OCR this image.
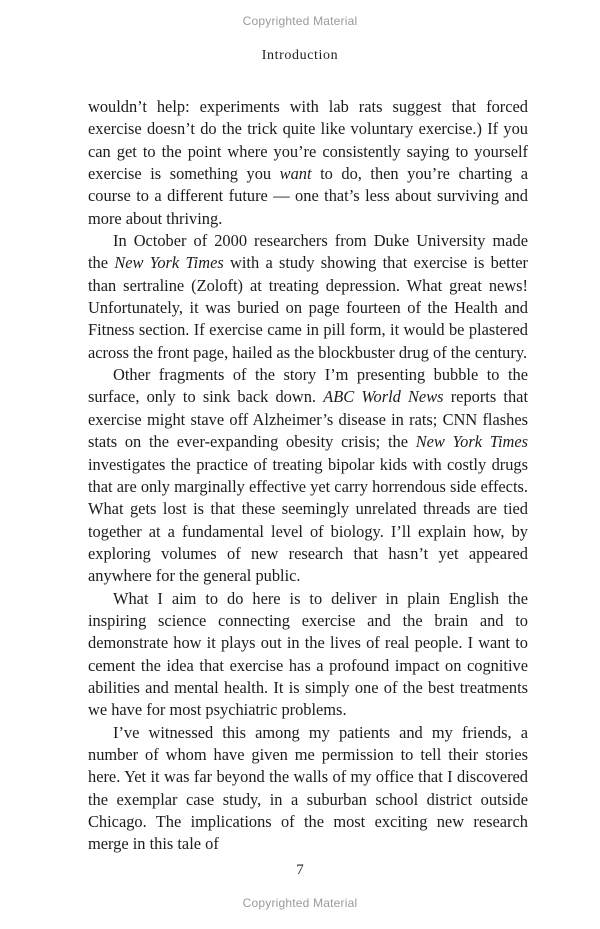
Copyrighted Material
Introduction

wouldn’t help: experiments with lab rats suggest that forced exercise doesn’t do the trick quite like voluntary exercise.) If you can get to the point where you’re consistently saying to yourself exercise is something you want to do, then you’re charting a course to a different future — one that’s less about surviving and more about thriving.

In October of 2000 researchers from Duke University made the New York Times with a study showing that exercise is better than sertraline (Zoloft) at treating depression. What great news! Unfortunately, it was buried on page fourteen of the Health and Fitness section. If exercise came in pill form, it would be plastered across the front page, hailed as the blockbuster drug of the century.

Other fragments of the story I’m presenting bubble to the surface, only to sink back down. ABC World News reports that exercise might stave off Alzheimer’s disease in rats; CNN flashes stats on the ever-expanding obesity crisis; the New York Times investigates the practice of treating bipolar kids with costly drugs that are only marginally effective yet carry horrendous side effects. What gets lost is that these seemingly unrelated threads are tied together at a fundamental level of biology. I’ll explain how, by exploring volumes of new research that hasn’t yet appeared anywhere for the general public.

What I aim to do here is to deliver in plain English the inspiring science connecting exercise and the brain and to demonstrate how it plays out in the lives of real people. I want to cement the idea that exercise has a profound impact on cognitive abilities and mental health. It is simply one of the best treatments we have for most psychiatric problems.

I’ve witnessed this among my patients and my friends, a number of whom have given me permission to tell their stories here. Yet it was far beyond the walls of my office that I discovered the exemplar case study, in a suburban school district outside Chicago. The implications of the most exciting new research merge in this tale of

7
Copyrighted Material
